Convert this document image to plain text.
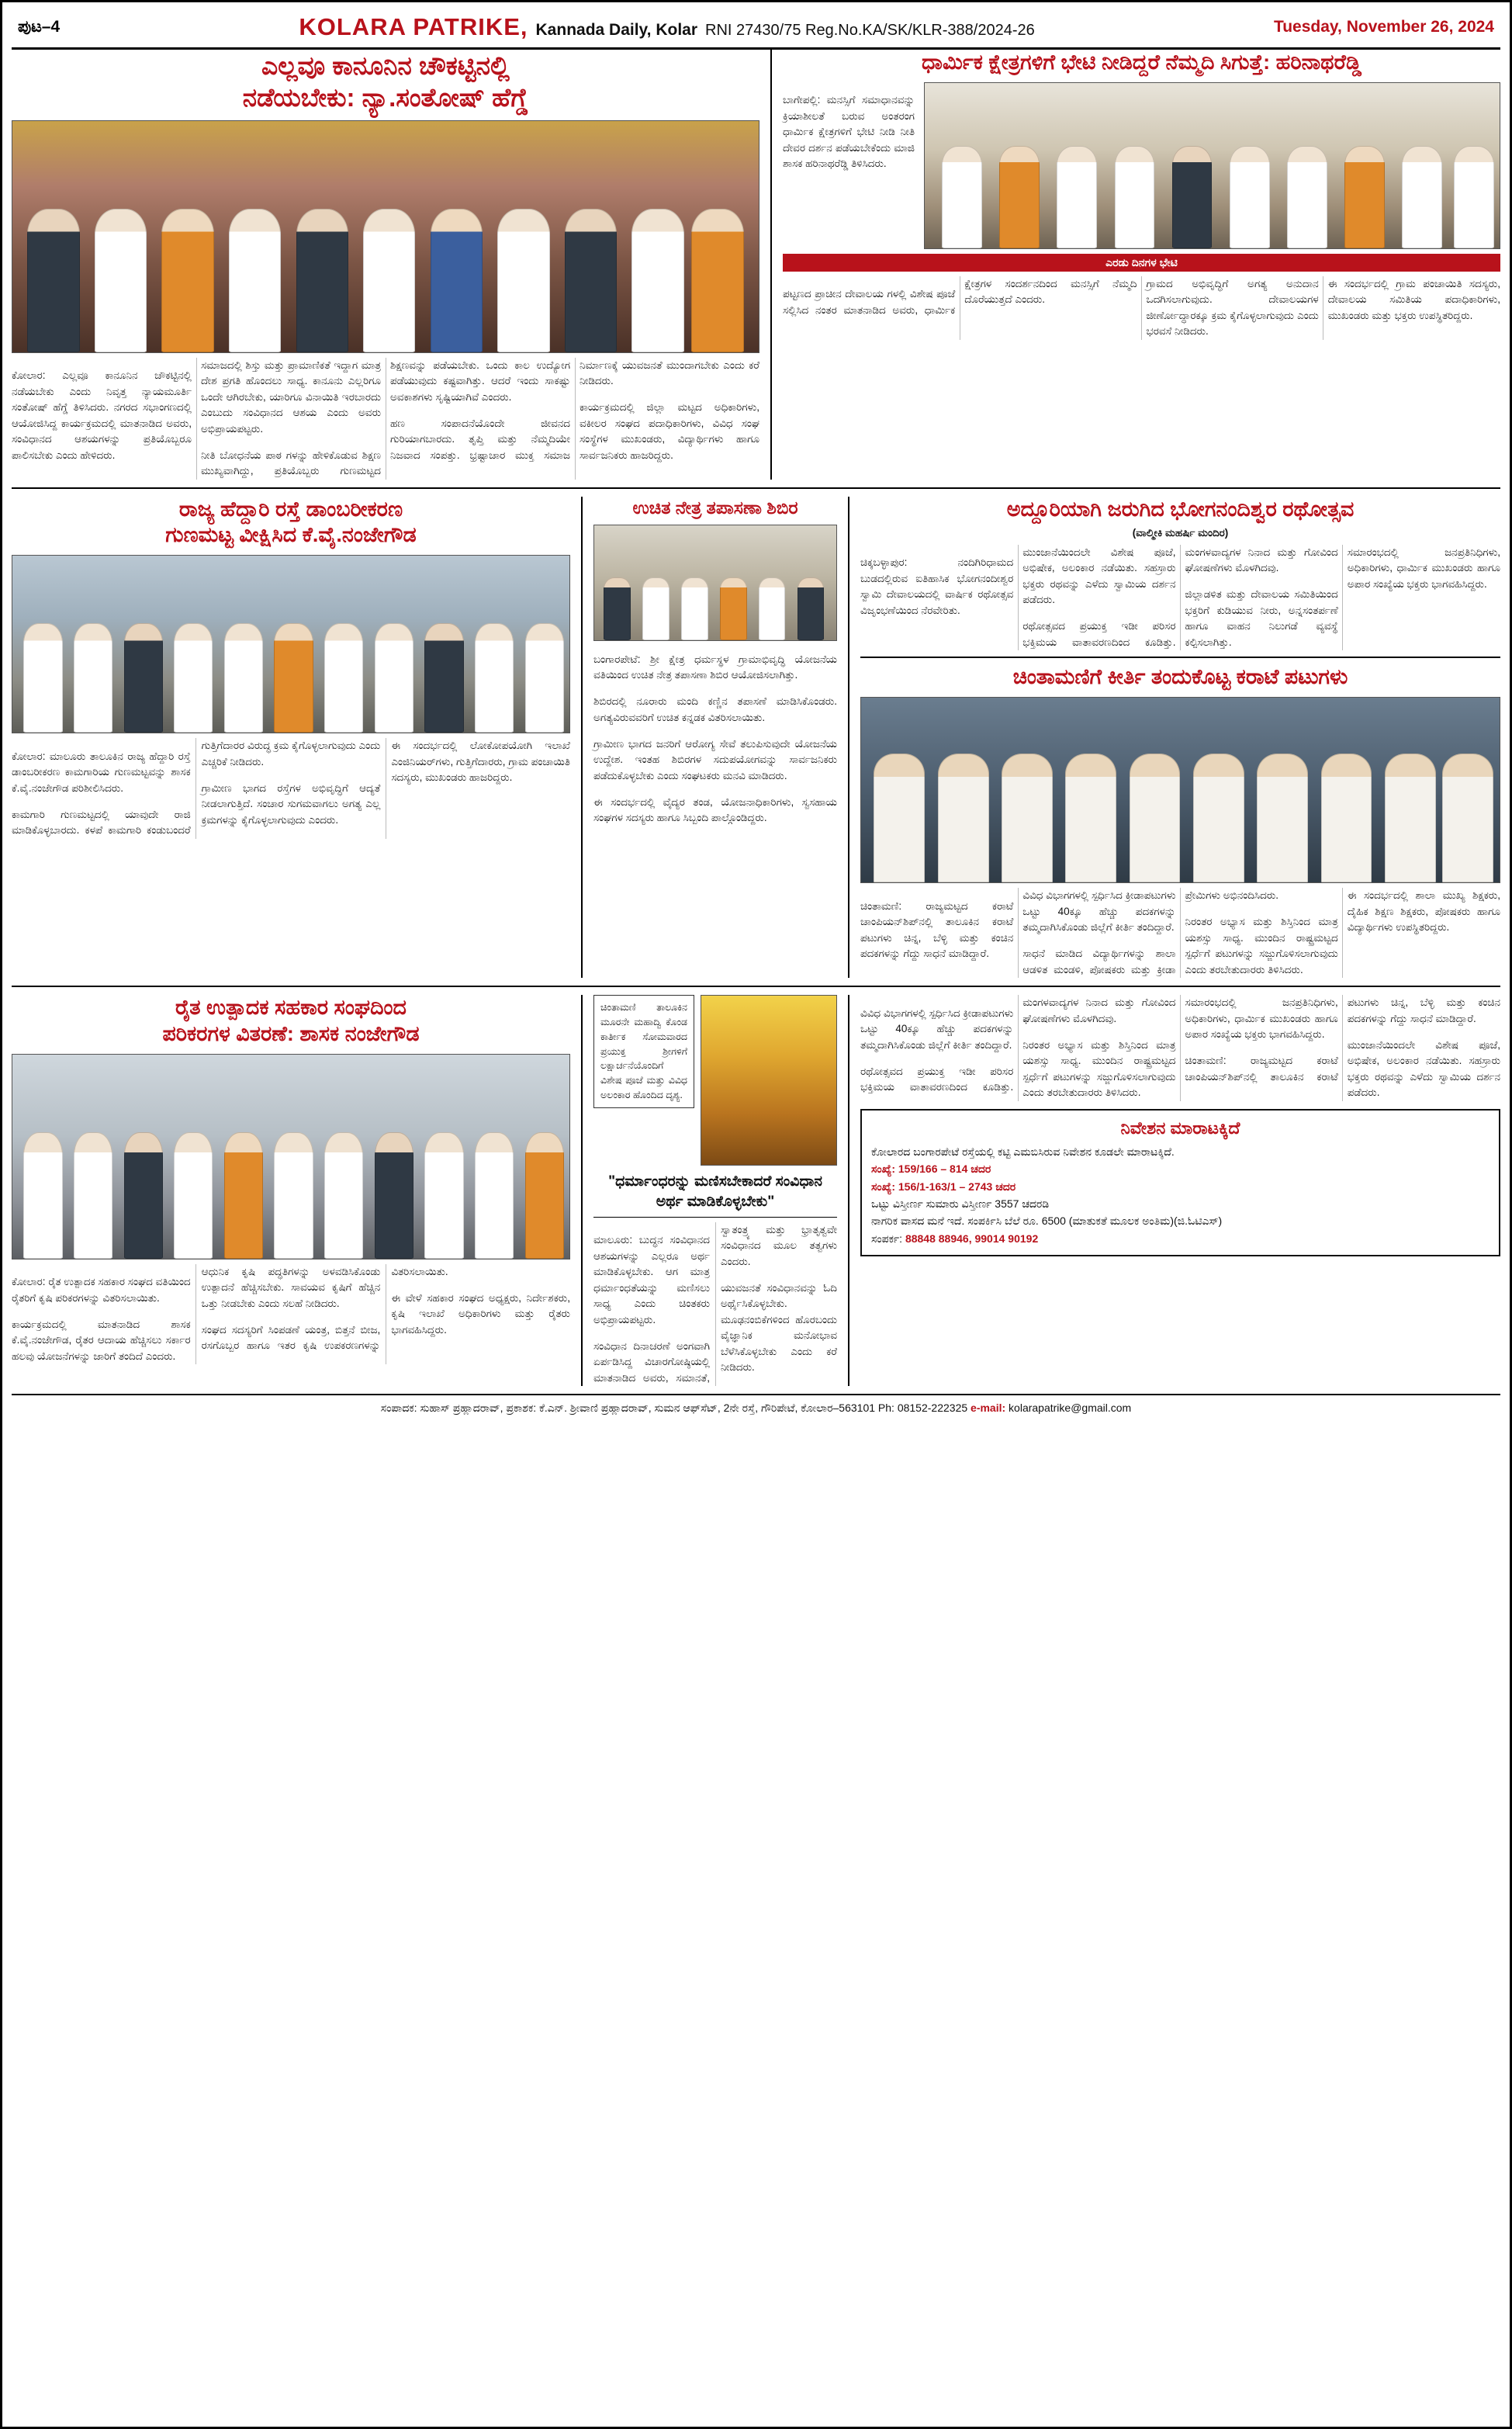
ಪುಟ–4	KOLARA PATRIKE, Kannada Daily, Kolar RNI 27430/75 Reg.No.KA/SK/KLR-388/2024-26	Tuesday, November 26, 2024
ಎಲ್ಲವೂ ಕಾನೂನಿನ ಚೌಕಟ್ಟಿನಲ್ಲಿ
ನಡೆಯಬೇಕು: ನ್ಯಾ.ಸಂತೋಷ್ ಹೆಗ್ಡೆ

ಕೋಲಾರ: ಎಲ್ಲವೂ ಕಾನೂನಿನ ಚೌಕಟ್ಟಿನಲ್ಲಿ ನಡೆಯಬೇಕು ಎಂದು ನಿವೃತ್ತ ನ್ಯಾಯಮೂರ್ತಿ ಸಂತೋಷ್ ಹೆಗ್ಡೆ ತಿಳಿಸಿದರು. ನಗರದ ಸಭಾಂಗಣದಲ್ಲಿ ಆಯೋಜಿಸಿದ್ದ ಕಾರ್ಯಕ್ರಮದಲ್ಲಿ ಮಾತನಾಡಿದ ಅವರು, ಸಂವಿಧಾನದ ಆಶಯಗಳನ್ನು ಪ್ರತಿಯೊಬ್ಬರೂ ಪಾಲಿಸಬೇಕು ಎಂದು ಹೇಳಿದರು.

ಸಮಾಜದಲ್ಲಿ ಶಿಸ್ತು ಮತ್ತು ಪ್ರಾಮಾಣಿಕತೆ ಇದ್ದಾಗ ಮಾತ್ರ ದೇಶ ಪ್ರಗತಿ ಹೊಂದಲು ಸಾಧ್ಯ. ಕಾನೂನು ಎಲ್ಲರಿಗೂ ಒಂದೇ ಆಗಿರಬೇಕು, ಯಾರಿಗೂ ವಿನಾಯಿತಿ ಇರಬಾರದು ಎಂಬುದು ಸಂವಿಧಾನದ ಆಶಯ ಎಂದು ಅವರು ಅಭಿಪ್ರಾಯಪಟ್ಟರು.

ನೀತಿ ಬೋಧನೆಯ ಪಾಠ ಗಳನ್ನು ಹೇಳಿಕೊಡುವ ಶಿಕ್ಷಣ ಮುಖ್ಯವಾಗಿದ್ದು, ಪ್ರತಿಯೊಬ್ಬರು ಗುಣಮಟ್ಟದ ಶಿಕ್ಷಣವನ್ನು ಪಡೆಯಬೇಕು. ಒಂದು ಕಾಲ ಉದ್ಯೋಗ ಪಡೆಯುವುದು ಕಷ್ಟವಾಗಿತ್ತು. ಆದರೆ ಇಂದು ಸಾಕಷ್ಟು ಅವಕಾಶಗಳು ಸೃಷ್ಟಿಯಾಗಿವೆ ಎಂದರು.

ಹಣ ಸಂಪಾದನೆಯೊಂದೇ ಜೀವನದ ಗುರಿಯಾಗಬಾರದು. ತೃಪ್ತಿ ಮತ್ತು ನೆಮ್ಮದಿಯೇ ನಿಜವಾದ ಸಂಪತ್ತು. ಭ್ರಷ್ಟಾಚಾರ ಮುಕ್ತ ಸಮಾಜ ನಿರ್ಮಾಣಕ್ಕೆ ಯುವಜನತೆ ಮುಂದಾಗಬೇಕು ಎಂದು ಕರೆ ನೀಡಿದರು.

ಕಾರ್ಯಕ್ರಮದಲ್ಲಿ ಜಿಲ್ಲಾ ಮಟ್ಟದ ಅಧಿಕಾರಿಗಳು, ವಕೀಲರ ಸಂಘದ ಪದಾಧಿಕಾರಿಗಳು, ವಿವಿಧ ಸಂಘ ಸಂಸ್ಥೆಗಳ ಮುಖಂಡರು, ವಿದ್ಯಾರ್ಥಿಗಳು ಹಾಗೂ ಸಾರ್ವಜನಿಕರು ಹಾಜರಿದ್ದರು.

ಧಾರ್ಮಿಕ ಕ್ಷೇತ್ರಗಳಿಗೆ ಭೇಟಿ ನೀಡಿದ್ದರೆ ನೆಮ್ಮದಿ ಸಿಗುತ್ತೆ: ಹರಿನಾಥರೆಡ್ಡಿ

ಬಾಗೇಪಲ್ಲಿ: ಮನಸ್ಸಿಗೆ ಸಮಾಧಾನವನ್ನು ಕ್ರಿಯಾಶೀಲತೆ ಬರುವ ಅಂತರಂಗ ಧಾರ್ಮಿಕ ಕ್ಷೇತ್ರಗಳಿಗೆ ಭೇಟಿ ನೀಡಿ ನೀತಿ ದೇವರ ದರ್ಶನ ಪಡೆಯಬೇಕೆಂದು ಮಾಜಿ ಶಾಸಕ ಹರಿನಾಥರೆಡ್ಡಿ ತಿಳಿಸಿದರು.

ಎರಡು ದಿನಗಳ ಭೇಟಿ

ಪಟ್ಟಣದ ಪ್ರಾಚೀನ ದೇವಾಲಯ ಗಳಲ್ಲಿ ವಿಶೇಷ ಪೂಜೆ ಸಲ್ಲಿಸಿದ ನಂತರ ಮಾತನಾಡಿದ ಅವರು, ಧಾರ್ಮಿಕ ಕ್ಷೇತ್ರಗಳ ಸಂದರ್ಶನದಿಂದ ಮನಸ್ಸಿಗೆ ನೆಮ್ಮದಿ ದೊರೆಯುತ್ತದೆ ಎಂದರು.

ಗ್ರಾಮದ ಅಭಿವೃದ್ಧಿಗೆ ಅಗತ್ಯ ಅನುದಾನ ಒದಗಿಸಲಾಗುವುದು. ದೇವಾಲಯಗಳ ಜೀರ್ಣೋದ್ಧಾರಕ್ಕೂ ಕ್ರಮ ಕೈಗೊಳ್ಳಲಾಗುವುದು ಎಂದು ಭರವಸೆ ನೀಡಿದರು.

ಈ ಸಂದರ್ಭದಲ್ಲಿ ಗ್ರಾಮ ಪಂಚಾಯಿತಿ ಸದಸ್ಯರು, ದೇವಾಲಯ ಸಮಿತಿಯ ಪದಾಧಿಕಾರಿಗಳು, ಮುಖಂಡರು ಮತ್ತು ಭಕ್ತರು ಉಪಸ್ಥಿತರಿದ್ದರು.

ರಾಜ್ಯ ಹೆದ್ದಾರಿ ರಸ್ತೆ ಡಾಂಬರೀಕರಣ
ಗುಣಮಟ್ಟ ವೀಕ್ಷಿಸಿದ ಕೆ.ವೈ.ನಂಜೇಗೌಡ

ಕೋಲಾರ: ಮಾಲೂರು ತಾಲೂಕಿನ ರಾಜ್ಯ ಹೆದ್ದಾರಿ ರಸ್ತೆ ಡಾಂಬರೀಕರಣ ಕಾಮಗಾರಿಯ ಗುಣಮಟ್ಟವನ್ನು ಶಾಸಕ ಕೆ.ವೈ.ನಂಜೇಗೌಡ ಪರಿಶೀಲಿಸಿದರು.

ಕಾಮಗಾರಿ ಗುಣಮಟ್ಟದಲ್ಲಿ ಯಾವುದೇ ರಾಜಿ ಮಾಡಿಕೊಳ್ಳಬಾರದು. ಕಳಪೆ ಕಾಮಗಾರಿ ಕಂಡುಬಂದರೆ ಗುತ್ತಿಗೆದಾರರ ವಿರುದ್ಧ ಕ್ರಮ ಕೈಗೊಳ್ಳಲಾಗುವುದು ಎಂದು ಎಚ್ಚರಿಕೆ ನೀಡಿದರು.

ಗ್ರಾಮೀಣ ಭಾಗದ ರಸ್ತೆಗಳ ಅಭಿವೃದ್ಧಿಗೆ ಆದ್ಯತೆ ನೀಡಲಾಗುತ್ತಿದೆ. ಸಂಚಾರ ಸುಗಮವಾಗಲು ಅಗತ್ಯ ಎಲ್ಲ ಕ್ರಮಗಳನ್ನು ಕೈಗೊಳ್ಳಲಾಗುವುದು ಎಂದರು.

ಈ ಸಂದರ್ಭದಲ್ಲಿ ಲೋಕೋಪಯೋಗಿ ಇಲಾಖೆ ಎಂಜಿನಿಯರ್‌ಗಳು, ಗುತ್ತಿಗೆದಾರರು, ಗ್ರಾಮ ಪಂಚಾಯಿತಿ ಸದಸ್ಯರು, ಮುಖಂಡರು ಹಾಜರಿದ್ದರು.

ಉಚಿತ ನೇತ್ರ ತಪಾಸಣಾ ಶಿಬಿರ

ಬಂಗಾರಪೇಟೆ: ಶ್ರೀ ಕ್ಷೇತ್ರ ಧರ್ಮಸ್ಥಳ ಗ್ರಾಮಾಭಿವೃದ್ಧಿ ಯೋಜನೆಯ ವತಿಯಿಂದ ಉಚಿತ ನೇತ್ರ ತಪಾಸಣಾ ಶಿಬಿರ ಆಯೋಜಿಸಲಾಗಿತ್ತು.

ಶಿಬಿರದಲ್ಲಿ ನೂರಾರು ಮಂದಿ ಕಣ್ಣಿನ ತಪಾಸಣೆ ಮಾಡಿಸಿಕೊಂಡರು. ಅಗತ್ಯವಿರುವವರಿಗೆ ಉಚಿತ ಕನ್ನಡಕ ವಿತರಿಸಲಾಯಿತು.

ಗ್ರಾಮೀಣ ಭಾಗದ ಜನರಿಗೆ ಆರೋಗ್ಯ ಸೇವೆ ತಲುಪಿಸುವುದೇ ಯೋಜನೆಯ ಉದ್ದೇಶ. ಇಂತಹ ಶಿಬಿರಗಳ ಸದುಪಯೋಗವನ್ನು ಸಾರ್ವಜನಿಕರು ಪಡೆದುಕೊಳ್ಳಬೇಕು ಎಂದು ಸಂಘಟಕರು ಮನವಿ ಮಾಡಿದರು.

ಈ ಸಂದರ್ಭದಲ್ಲಿ ವೈದ್ಯರ ತಂಡ, ಯೋಜನಾಧಿಕಾರಿಗಳು, ಸ್ವಸಹಾಯ ಸಂಘಗಳ ಸದಸ್ಯರು ಹಾಗೂ ಸಿಬ್ಬಂದಿ ಪಾಲ್ಗೊಂಡಿದ್ದರು.

ಅದ್ದೂರಿಯಾಗಿ ಜರುಗಿದ ಭೋಗನಂದಿಶ್ವರ ರಥೋತ್ಸವ
(ವಾಲ್ಮೀಕಿ ಮಹರ್ಷಿ ಮಂದಿರ)

ಚಿಕ್ಕಬಳ್ಳಾಪುರ: ನಂದಿಗಿರಿಧಾಮದ ಬುಡದಲ್ಲಿರುವ ಐತಿಹಾಸಿಕ ಭೋಗನಂದೀಶ್ವರ ಸ್ವಾಮಿ ದೇವಾಲಯದಲ್ಲಿ ವಾರ್ಷಿಕ ರಥೋತ್ಸವ ವಿಜೃಂಭಣೆಯಿಂದ ನೆರವೇರಿತು.

ಮುಂಜಾನೆಯಿಂದಲೇ ವಿಶೇಷ ಪೂಜೆ, ಅಭಿಷೇಕ, ಅಲಂಕಾರ ನಡೆಯಿತು. ಸಹಸ್ರಾರು ಭಕ್ತರು ರಥವನ್ನು ಎಳೆದು ಸ್ವಾಮಿಯ ದರ್ಶನ ಪಡೆದರು.

ರಥೋತ್ಸವದ ಪ್ರಯುಕ್ತ ಇಡೀ ಪರಿಸರ ಭಕ್ತಿಮಯ ವಾತಾವರಣದಿಂದ ಕೂಡಿತ್ತು. ಮಂಗಳವಾದ್ಯಗಳ ನಿನಾದ ಮತ್ತು ಗೋವಿಂದ ಘೋಷಣೆಗಳು ಮೊಳಗಿದವು.

ಜಿಲ್ಲಾಡಳಿತ ಮತ್ತು ದೇವಾಲಯ ಸಮಿತಿಯಿಂದ ಭಕ್ತರಿಗೆ ಕುಡಿಯುವ ನೀರು, ಅನ್ನಸಂತರ್ಪಣೆ ಹಾಗೂ ವಾಹನ ನಿಲುಗಡೆ ವ್ಯವಸ್ಥೆ ಕಲ್ಪಿಸಲಾಗಿತ್ತು.

ಸಮಾರಂಭದಲ್ಲಿ ಜನಪ್ರತಿನಿಧಿಗಳು, ಅಧಿಕಾರಿಗಳು, ಧಾರ್ಮಿಕ ಮುಖಂಡರು ಹಾಗೂ ಅಪಾರ ಸಂಖ್ಯೆಯ ಭಕ್ತರು ಭಾಗವಹಿಸಿದ್ದರು.

ಚಿಂತಾಮಣಿಗೆ ಕೀರ್ತಿ ತಂದುಕೊಟ್ಟ ಕರಾಟೆ ಪಟುಗಳು

ಚಿಂತಾಮಣಿ: ರಾಜ್ಯಮಟ್ಟದ ಕರಾಟೆ ಚಾಂಪಿಯನ್‌ಶಿಪ್‌ನಲ್ಲಿ ತಾಲೂಕಿನ ಕರಾಟೆ ಪಟುಗಳು ಚಿನ್ನ, ಬೆಳ್ಳಿ ಮತ್ತು ಕಂಚಿನ ಪದಕಗಳನ್ನು ಗೆದ್ದು ಸಾಧನೆ ಮಾಡಿದ್ದಾರೆ.

ವಿವಿಧ ವಿಭಾಗಗಳಲ್ಲಿ ಸ್ಪರ್ಧಿಸಿದ ಕ್ರೀಡಾಪಟುಗಳು ಒಟ್ಟು 40ಕ್ಕೂ ಹೆಚ್ಚು ಪದಕಗಳನ್ನು ತಮ್ಮದಾಗಿಸಿಕೊಂಡು ಜಿಲ್ಲೆಗೆ ಕೀರ್ತಿ ತಂದಿದ್ದಾರೆ.

ಸಾಧನೆ ಮಾಡಿದ ವಿದ್ಯಾರ್ಥಿಗಳನ್ನು ಶಾಲಾ ಆಡಳಿತ ಮಂಡಳಿ, ಪೋಷಕರು ಮತ್ತು ಕ್ರೀಡಾ ಪ್ರೇಮಿಗಳು ಅಭಿನಂದಿಸಿದರು.

ನಿರಂತರ ಅಭ್ಯಾಸ ಮತ್ತು ಶಿಸ್ತಿನಿಂದ ಮಾತ್ರ ಯಶಸ್ಸು ಸಾಧ್ಯ. ಮುಂದಿನ ರಾಷ್ಟ್ರಮಟ್ಟದ ಸ್ಪರ್ಧೆಗೆ ಪಟುಗಳನ್ನು ಸಜ್ಜುಗೊಳಿಸಲಾಗುವುದು ಎಂದು ತರಬೇತುದಾರರು ತಿಳಿಸಿದರು.

ಈ ಸಂದರ್ಭದಲ್ಲಿ ಶಾಲಾ ಮುಖ್ಯ ಶಿಕ್ಷಕರು, ದೈಹಿಕ ಶಿಕ್ಷಣ ಶಿಕ್ಷಕರು, ಪೋಷಕರು ಹಾಗೂ ವಿದ್ಯಾರ್ಥಿಗಳು ಉಪಸ್ಥಿತರಿದ್ದರು.

ರೈತ ಉತ್ಪಾದಕ ಸಹಕಾರ ಸಂಘದಿಂದ
ಪರಿಕರಗಳ ವಿತರಣೆ: ಶಾಸಕ ನಂಜೇಗೌಡ

ಕೋಲಾರ: ರೈತ ಉತ್ಪಾದಕ ಸಹಕಾರ ಸಂಘದ ವತಿಯಿಂದ ರೈತರಿಗೆ ಕೃಷಿ ಪರಿಕರಗಳನ್ನು ವಿತರಿಸಲಾಯಿತು.

ಕಾರ್ಯಕ್ರಮದಲ್ಲಿ ಮಾತನಾಡಿದ ಶಾಸಕ ಕೆ.ವೈ.ನಂಜೇಗೌಡ, ರೈತರ ಆದಾಯ ಹೆಚ್ಚಿಸಲು ಸರ್ಕಾರ ಹಲವು ಯೋಜನೆಗಳನ್ನು ಜಾರಿಗೆ ತಂದಿದೆ ಎಂದರು.

ಆಧುನಿಕ ಕೃಷಿ ಪದ್ಧತಿಗಳನ್ನು ಅಳವಡಿಸಿಕೊಂಡು ಉತ್ಪಾದನೆ ಹೆಚ್ಚಿಸಬೇಕು. ಸಾವಯವ ಕೃಷಿಗೆ ಹೆಚ್ಚಿನ ಒತ್ತು ನೀಡಬೇಕು ಎಂದು ಸಲಹೆ ನೀಡಿದರು.

ಸಂಘದ ಸದಸ್ಯರಿಗೆ ಸಿಂಪಡಣೆ ಯಂತ್ರ, ಬಿತ್ತನೆ ಬೀಜ, ರಸಗೊಬ್ಬರ ಹಾಗೂ ಇತರ ಕೃಷಿ ಉಪಕರಣಗಳನ್ನು ವಿತರಿಸಲಾಯಿತು.

ಈ ವೇಳೆ ಸಹಕಾರ ಸಂಘದ ಅಧ್ಯಕ್ಷರು, ನಿರ್ದೇಶಕರು, ಕೃಷಿ ಇಲಾಖೆ ಅಧಿಕಾರಿಗಳು ಮತ್ತು ರೈತರು ಭಾಗವಹಿಸಿದ್ದರು.

ಚಿಂತಾಮಣಿ ತಾಲೂಕಿನ ಮೂರನೇ ಮಹಾದ್ವಿ ಕೊಂಡ ಕಾರ್ತೀಕ ಸೋಮವಾರದ ಪ್ರಯುಕ್ತ ಶ್ರೀಗಳಿಗೆ ಲಕ್ಷಾರ್ಚನೆಯೊಂದಿಗೆ ವಿಶೇಷ ಪೂಜೆ ಮತ್ತು ವಿವಿಧ ಅಲಂಕಾರ ಹೊಂದಿದ ದೃಶ್ಯ.
"ಧರ್ಮಾಂಧರನ್ನು ಮಣಿಸಬೇಕಾದರೆ ಸಂವಿಧಾನ ಅರ್ಥ ಮಾಡಿಕೊಳ್ಳಬೇಕು"

ಮಾಲೂರು: ಬುದ್ಧನ ಸಂವಿಧಾನದ ಆಶಯಗಳನ್ನು ಎಲ್ಲರೂ ಅರ್ಥ ಮಾಡಿಕೊಳ್ಳಬೇಕು. ಆಗ ಮಾತ್ರ ಧರ್ಮಾಂಧತೆಯನ್ನು ಮಣಿಸಲು ಸಾಧ್ಯ ಎಂದು ಚಿಂತಕರು ಅಭಿಪ್ರಾಯಪಟ್ಟರು.

ಸಂವಿಧಾನ ದಿನಾಚರಣೆ ಅಂಗವಾಗಿ ಏರ್ಪಡಿಸಿದ್ದ ವಿಚಾರಗೋಷ್ಠಿಯಲ್ಲಿ ಮಾತನಾಡಿದ ಅವರು, ಸಮಾನತೆ, ಸ್ವಾತಂತ್ರ್ಯ ಮತ್ತು ಭ್ರಾತೃತ್ವವೇ ಸಂವಿಧಾನದ ಮೂಲ ತತ್ವಗಳು ಎಂದರು.

ಯುವಜನತೆ ಸಂವಿಧಾನವನ್ನು ಓದಿ ಅರ್ಥೈಸಿಕೊಳ್ಳಬೇಕು. ಮೂಢನಂಬಿಕೆಗಳಿಂದ ಹೊರಬಂದು ವೈಜ್ಞಾನಿಕ ಮನೋಭಾವ ಬೆಳೆಸಿಕೊಳ್ಳಬೇಕು ಎಂದು ಕರೆ ನೀಡಿದರು.

ವಿವಿಧ ವಿಭಾಗಗಳಲ್ಲಿ ಸ್ಪರ್ಧಿಸಿದ ಕ್ರೀಡಾಪಟುಗಳು ಒಟ್ಟು 40ಕ್ಕೂ ಹೆಚ್ಚು ಪದಕಗಳನ್ನು ತಮ್ಮದಾಗಿಸಿಕೊಂಡು ಜಿಲ್ಲೆಗೆ ಕೀರ್ತಿ ತಂದಿದ್ದಾರೆ.

ರಥೋತ್ಸವದ ಪ್ರಯುಕ್ತ ಇಡೀ ಪರಿಸರ ಭಕ್ತಿಮಯ ವಾತಾವರಣದಿಂದ ಕೂಡಿತ್ತು. ಮಂಗಳವಾದ್ಯಗಳ ನಿನಾದ ಮತ್ತು ಗೋವಿಂದ ಘೋಷಣೆಗಳು ಮೊಳಗಿದವು.

ನಿರಂತರ ಅಭ್ಯಾಸ ಮತ್ತು ಶಿಸ್ತಿನಿಂದ ಮಾತ್ರ ಯಶಸ್ಸು ಸಾಧ್ಯ. ಮುಂದಿನ ರಾಷ್ಟ್ರಮಟ್ಟದ ಸ್ಪರ್ಧೆಗೆ ಪಟುಗಳನ್ನು ಸಜ್ಜುಗೊಳಿಸಲಾಗುವುದು ಎಂದು ತರಬೇತುದಾರರು ತಿಳಿಸಿದರು.

ಸಮಾರಂಭದಲ್ಲಿ ಜನಪ್ರತಿನಿಧಿಗಳು, ಅಧಿಕಾರಿಗಳು, ಧಾರ್ಮಿಕ ಮುಖಂಡರು ಹಾಗೂ ಅಪಾರ ಸಂಖ್ಯೆಯ ಭಕ್ತರು ಭಾಗವಹಿಸಿದ್ದರು.

ಚಿಂತಾಮಣಿ: ರಾಜ್ಯಮಟ್ಟದ ಕರಾಟೆ ಚಾಂಪಿಯನ್‌ಶಿಪ್‌ನಲ್ಲಿ ತಾಲೂಕಿನ ಕರಾಟೆ ಪಟುಗಳು ಚಿನ್ನ, ಬೆಳ್ಳಿ ಮತ್ತು ಕಂಚಿನ ಪದಕಗಳನ್ನು ಗೆದ್ದು ಸಾಧನೆ ಮಾಡಿದ್ದಾರೆ.

ಮುಂಜಾನೆಯಿಂದಲೇ ವಿಶೇಷ ಪೂಜೆ, ಅಭಿಷೇಕ, ಅಲಂಕಾರ ನಡೆಯಿತು. ಸಹಸ್ರಾರು ಭಕ್ತರು ರಥವನ್ನು ಎಳೆದು ಸ್ವಾಮಿಯ ದರ್ಶನ ಪಡೆದರು.

ನಿವೇಶನ ಮಾರಾಟಕ್ಕಿದೆ
ಕೋಲಾರದ ಬಂಗಾರಪೇಟೆ ರಸ್ತೆಯಲ್ಲಿ ಕಟ್ಟಿ ಎಮಬಿಸಿರುವ ನಿವೇಶನ ಕೂಡಲೇ ಮಾರಾಟಕ್ಕಿದೆ.
ಸಂಖ್ಯೆ: 159/166 – 814 ಚದರ
ಸಂಖ್ಯೆ: 156/1-163/1 – 2743 ಚದರ
ಒಟ್ಟು ವಿಸ್ತೀರ್ಣ ಸುಮಾರು ವಿಸ್ತೀರ್ಣ 3557 ಚದರಡಿ
ನಾಗರಿಕ ವಾಸದ ಮನೆ ಇದೆ. ಸಂಪರ್ಕಿಸಿ ಬೆಲೆ ರೂ. 6500 (ಮಾತುಕತೆ ಮೂಲಕ ಅಂತಿಮ)(ಜಿ.ಓಟಿಎಸ್)
ಸಂಪರ್ಕ: 88848 88946, 99014 90192
ಸಂಪಾದಕ: ಸುಹಾಸ್ ಪ್ರಹ್ಲಾದರಾವ್, ಪ್ರಕಾಶಕ: ಕೆ.ಎನ್. ಶ್ರೀವಾಣಿ ಪ್ರಹ್ಲಾದರಾವ್, ಸುಮನ ಆಫ್‌ಸೆಟ್, 2ನೇ ರಸ್ತೆ, ಗೌರಿಪೇಟೆ, ಕೋಲಾರ–563101 Ph: 08152-222325 e-mail: kolarapatrike@gmail.com
